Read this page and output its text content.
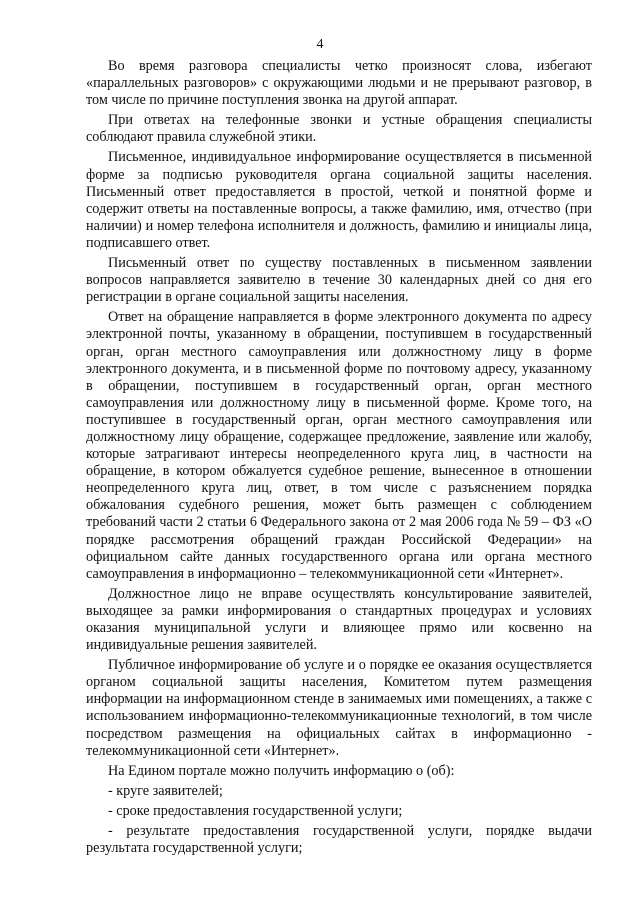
4

Во время разговора специалисты четко произносят слова, избегают «параллельных разговоров» с окружающими людьми и не прерывают разговор, в том числе по причине поступления звонка на другой аппарат.

При ответах на телефонные звонки и устные обращения специалисты соблюдают правила служебной этики.

Письменное, индивидуальное информирование осуществляется в письменной форме за подписью руководителя органа социальной защиты населения. Письменный ответ предоставляется в простой, четкой и понятной форме и содержит ответы на поставленные вопросы, а также фамилию, имя, отчество (при наличии) и номер телефона исполнителя и должность, фамилию и инициалы лица, подписавшего ответ.

Письменный ответ по существу поставленных в письменном заявлении вопросов направляется заявителю в течение 30 календарных дней со дня его регистрации в органе социальной защиты населения.

Ответ на обращение направляется в форме электронного документа по адресу электронной почты, указанному в обращении, поступившем в государственный орган, орган местного самоуправления или должностному лицу в форме электронного документа, и в письменной форме по почтовому адресу, указанному в обращении, поступившем в государственный орган, орган местного самоуправления или должностному лицу в письменной форме. Кроме того, на поступившее в государственный орган, орган местного самоуправления или должностному лицу обращение, содержащее предложение, заявление или жалобу, которые затрагивают интересы неопределенного круга лиц, в частности на обращение, в котором обжалуется судебное решение, вынесенное в отношении неопределенного круга лиц, ответ, в том числе с разъяснением порядка обжалования судебного решения, может быть размещен с соблюдением требований части 2 статьи 6 Федерального закона от 2 мая 2006 года № 59 – ФЗ «О порядке рассмотрения обращений граждан Российской Федерации» на официальном сайте данных государственного органа или органа местного самоуправления в информационно – телекоммуникационной сети «Интернет».

Должностное лицо не вправе осуществлять консультирование заявителей, выходящее за рамки информирования о стандартных процедурах и условиях оказания муниципальной услуги и влияющее прямо или косвенно на индивидуальные решения заявителей.

Публичное информирование об услуге и о порядке ее оказания осуществляется органом социальной защиты населения, Комитетом путем размещения информации на информационном стенде в занимаемых ими помещениях, а также с использованием информационно-телекоммуникационные технологий, в том числе посредством размещения на официальных сайтах в информационно - телекоммуникационной сети «Интернет».

На Едином портале можно получить информацию о (об):

- круге заявителей;
- сроке предоставления государственной услуги;
- результате предоставления государственной услуги, порядке выдачи результата государственной услуги;
